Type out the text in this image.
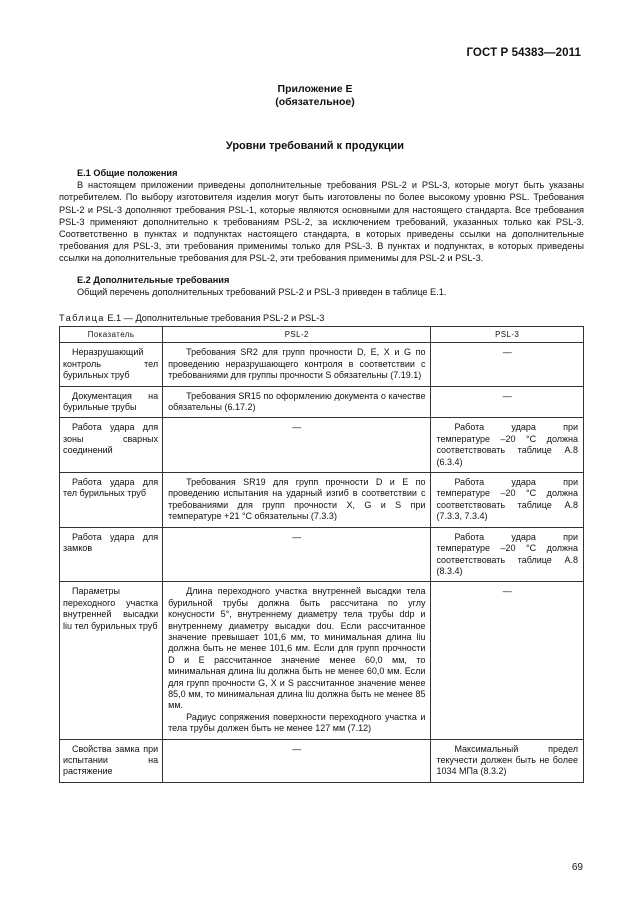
ГОСТ Р 54383—2011
Приложение Е
(обязательное)
Уровни требований к продукции
Е.1 Общие положения

В настоящем приложении приведены дополнительные требования PSL-2 и PSL-3, которые могут быть указаны потребителем. По выбору изготовителя изделия могут быть изготовлены по более высокому уровню PSL. Требования PSL-2 и PSL-3 дополняют требования PSL-1, которые являются основными для настоящего стандарта. Все требования PSL-3 применяют дополнительно к требованиям PSL-2, за исключением требований, указанных только как PSL-3. Соответственно в пунктах и подпунктах настоящего стандарта, в которых приведены ссылки на дополнительные требования для PSL-3, эти требования применимы только для PSL-3. В пунктах и подпунктах, в которых приведены ссылки на дополнительные требования для PSL-2, эти требования применимы для PSL-2 и PSL-3.

Е.2 Дополнительные требования

Общий перечень дополнительных требований PSL-2 и PSL-3 приведен в таблице Е.1.

Таблица Е.1 — Дополнительные требования PSL-2 и PSL-3
Показатель	PSL-2	PSL-3

Неразрушающий контроль тел бурильных труб	Требования SR2 для групп прочности D, E, X и G по проведению неразрушающего контроля в соответствии с требованиями для группы прочности S обязательны (7.19.1)	—

Документация на бурильные трубы	Требования SR15 по оформлению документа о качестве обязательны (6.17.2)	—

Работа удара для зоны сварных соединений	—	Работа удара при температуре –20 °С должна соответствовать таблице А.8 (6.3.4)

Работа удара для тел бурильных труб	Требования SR19 для групп прочности D и E по проведению испытания на ударный изгиб в соответствии с требованиями для групп прочности X, G и S при температуре +21 °С обязательны (7.3.3)	Работа удара при температуре –20 °С должна соответствовать таблице А.8 (7.3.3, 7.3.4)

Работа удара для замков	—	Работа удара при температуре –20 °С должна соответствовать таблице А.8 (8.3.4)

Параметры переходного участка внутренней высадки liu тел бурильных труб	Длина переходного участка внутренней высадки тела бурильной трубы должна быть рассчитана по углу конусности 5°, внутреннему диаметру тела трубы ddp и внутреннему диаметру высадки dou. Если рассчитанное значение превышает 101,6 мм, то минимальная длина liu должна быть не менее 101,6 мм. Если для групп прочности D и E рассчитанное значение менее 60,0 мм, то минимальная длина liu должна быть не менее 60,0 мм. Если для групп прочности G, X и S рассчитанное значение менее 85,0 мм, то минимальная длина liu должна быть не менее 85 мм.
Радиус сопряжения поверхности переходного участка и тела трубы должен быть не менее 127 мм (7.12)	—

Свойства замка при испытании на растяжение	—	Максимальный предел текучести должен быть не более 1034 МПа (8.3.2)
69
